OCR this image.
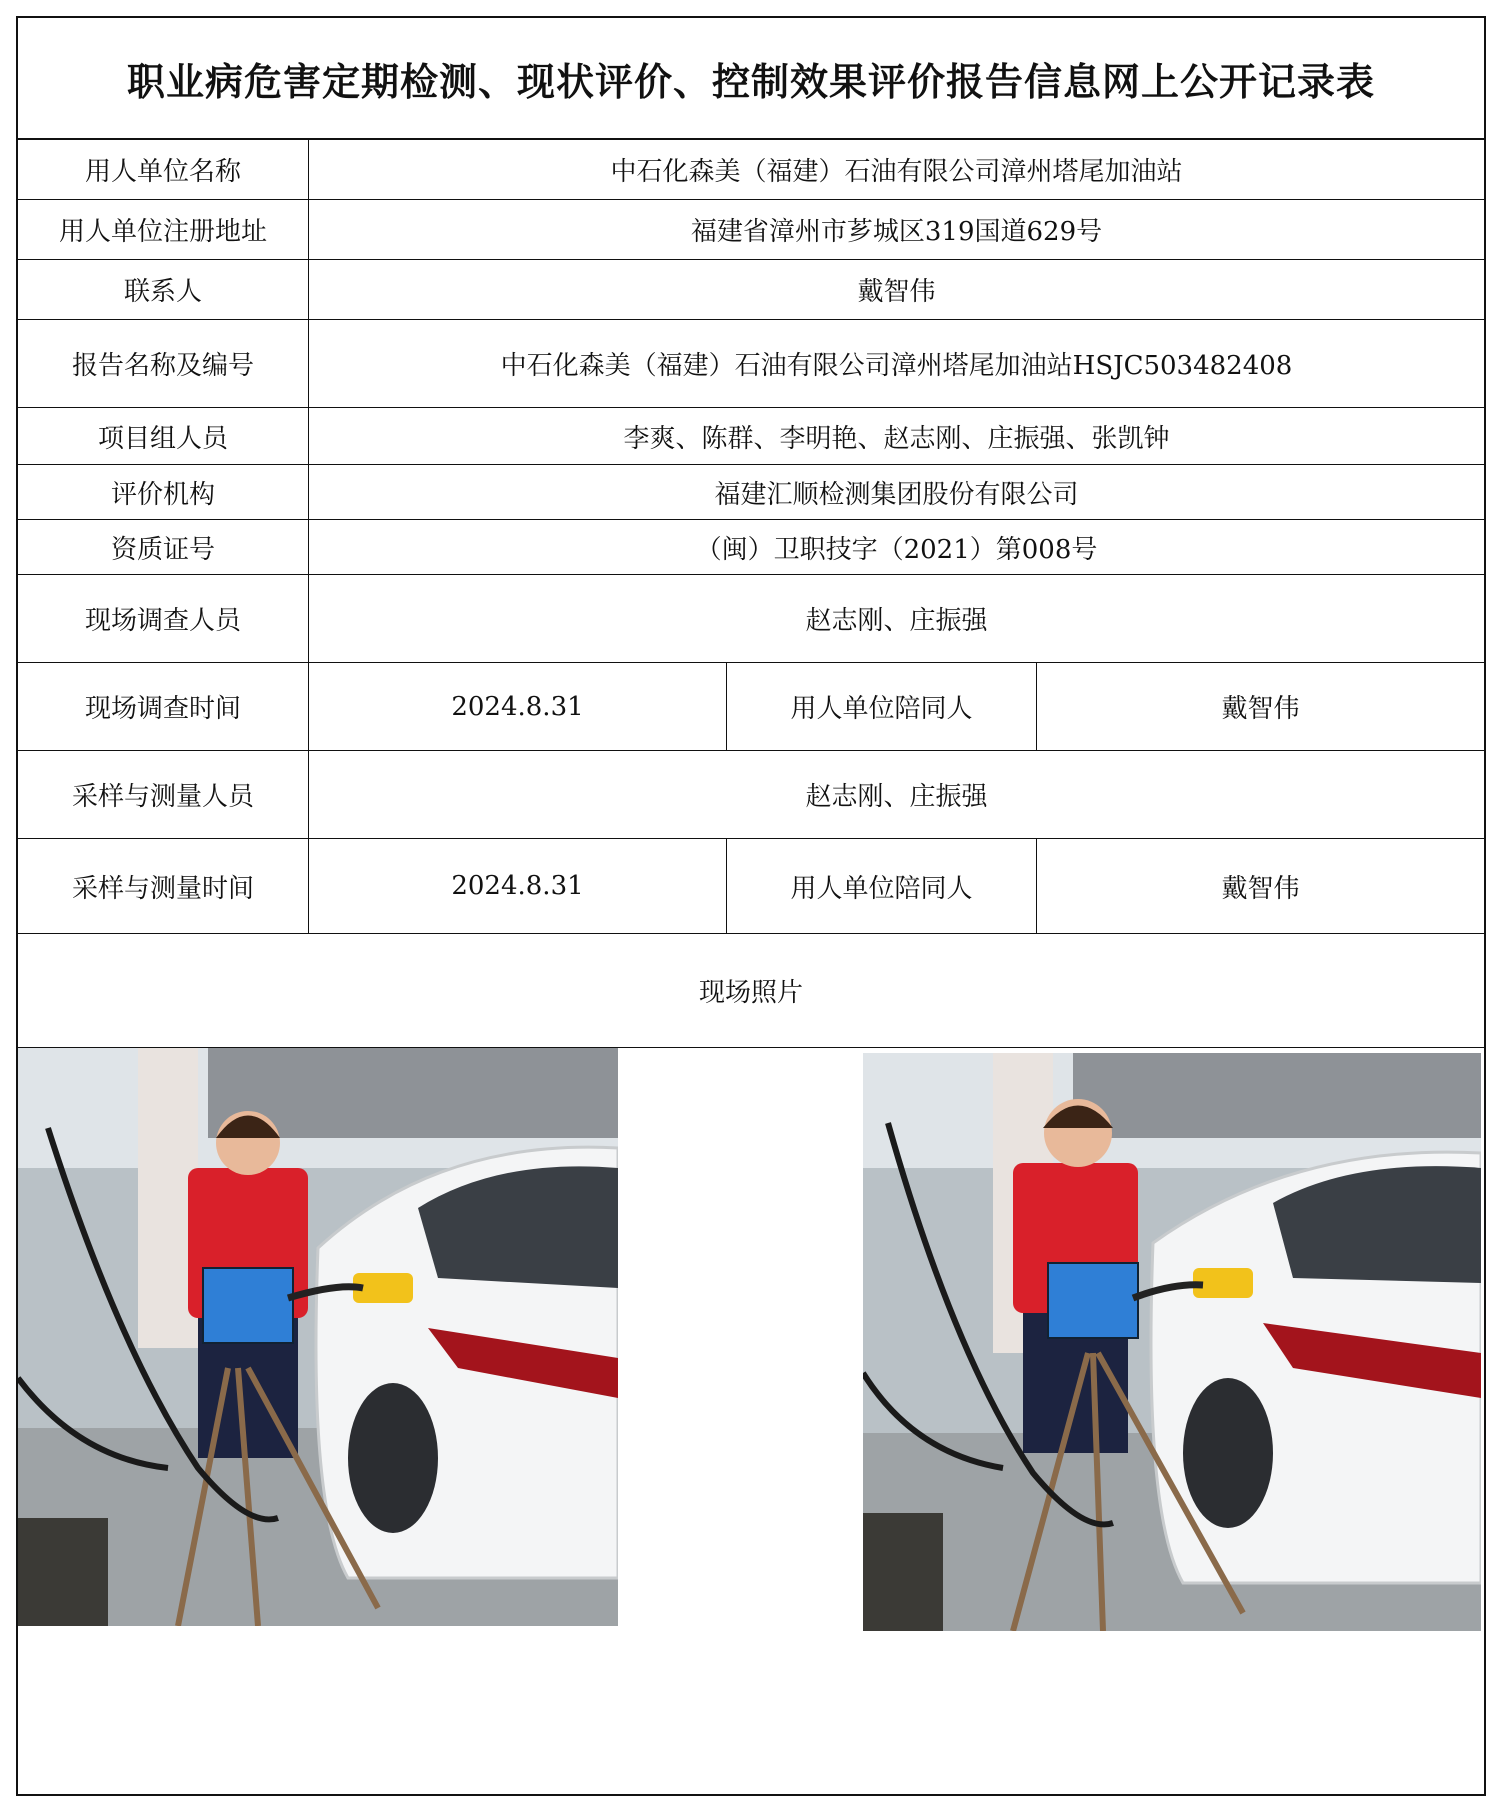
职业病危害定期检测、现状评价、控制效果评价报告信息网上公开记录表
用人单位名称	中石化森美（福建）石油有限公司漳州塔尾加油站
用人单位注册地址	福建省漳州市芗城区319国道629号
联系人	戴智伟
报告名称及编号	中石化森美（福建）石油有限公司漳州塔尾加油站HSJC503482408
项目组人员	李爽、陈群、李明艳、赵志刚、庄振强、张凯钟
评价机构	福建汇顺检测集团股份有限公司
资质证号	（闽）卫职技字（2021）第008号
现场调查人员	赵志刚、庄振强
现场调查时间	2024.8.31	用人单位陪同人	戴智伟
采样与测量人员	赵志刚、庄振强
采样与测量时间	2024.8.31	用人单位陪同人	戴智伟
现场照片
